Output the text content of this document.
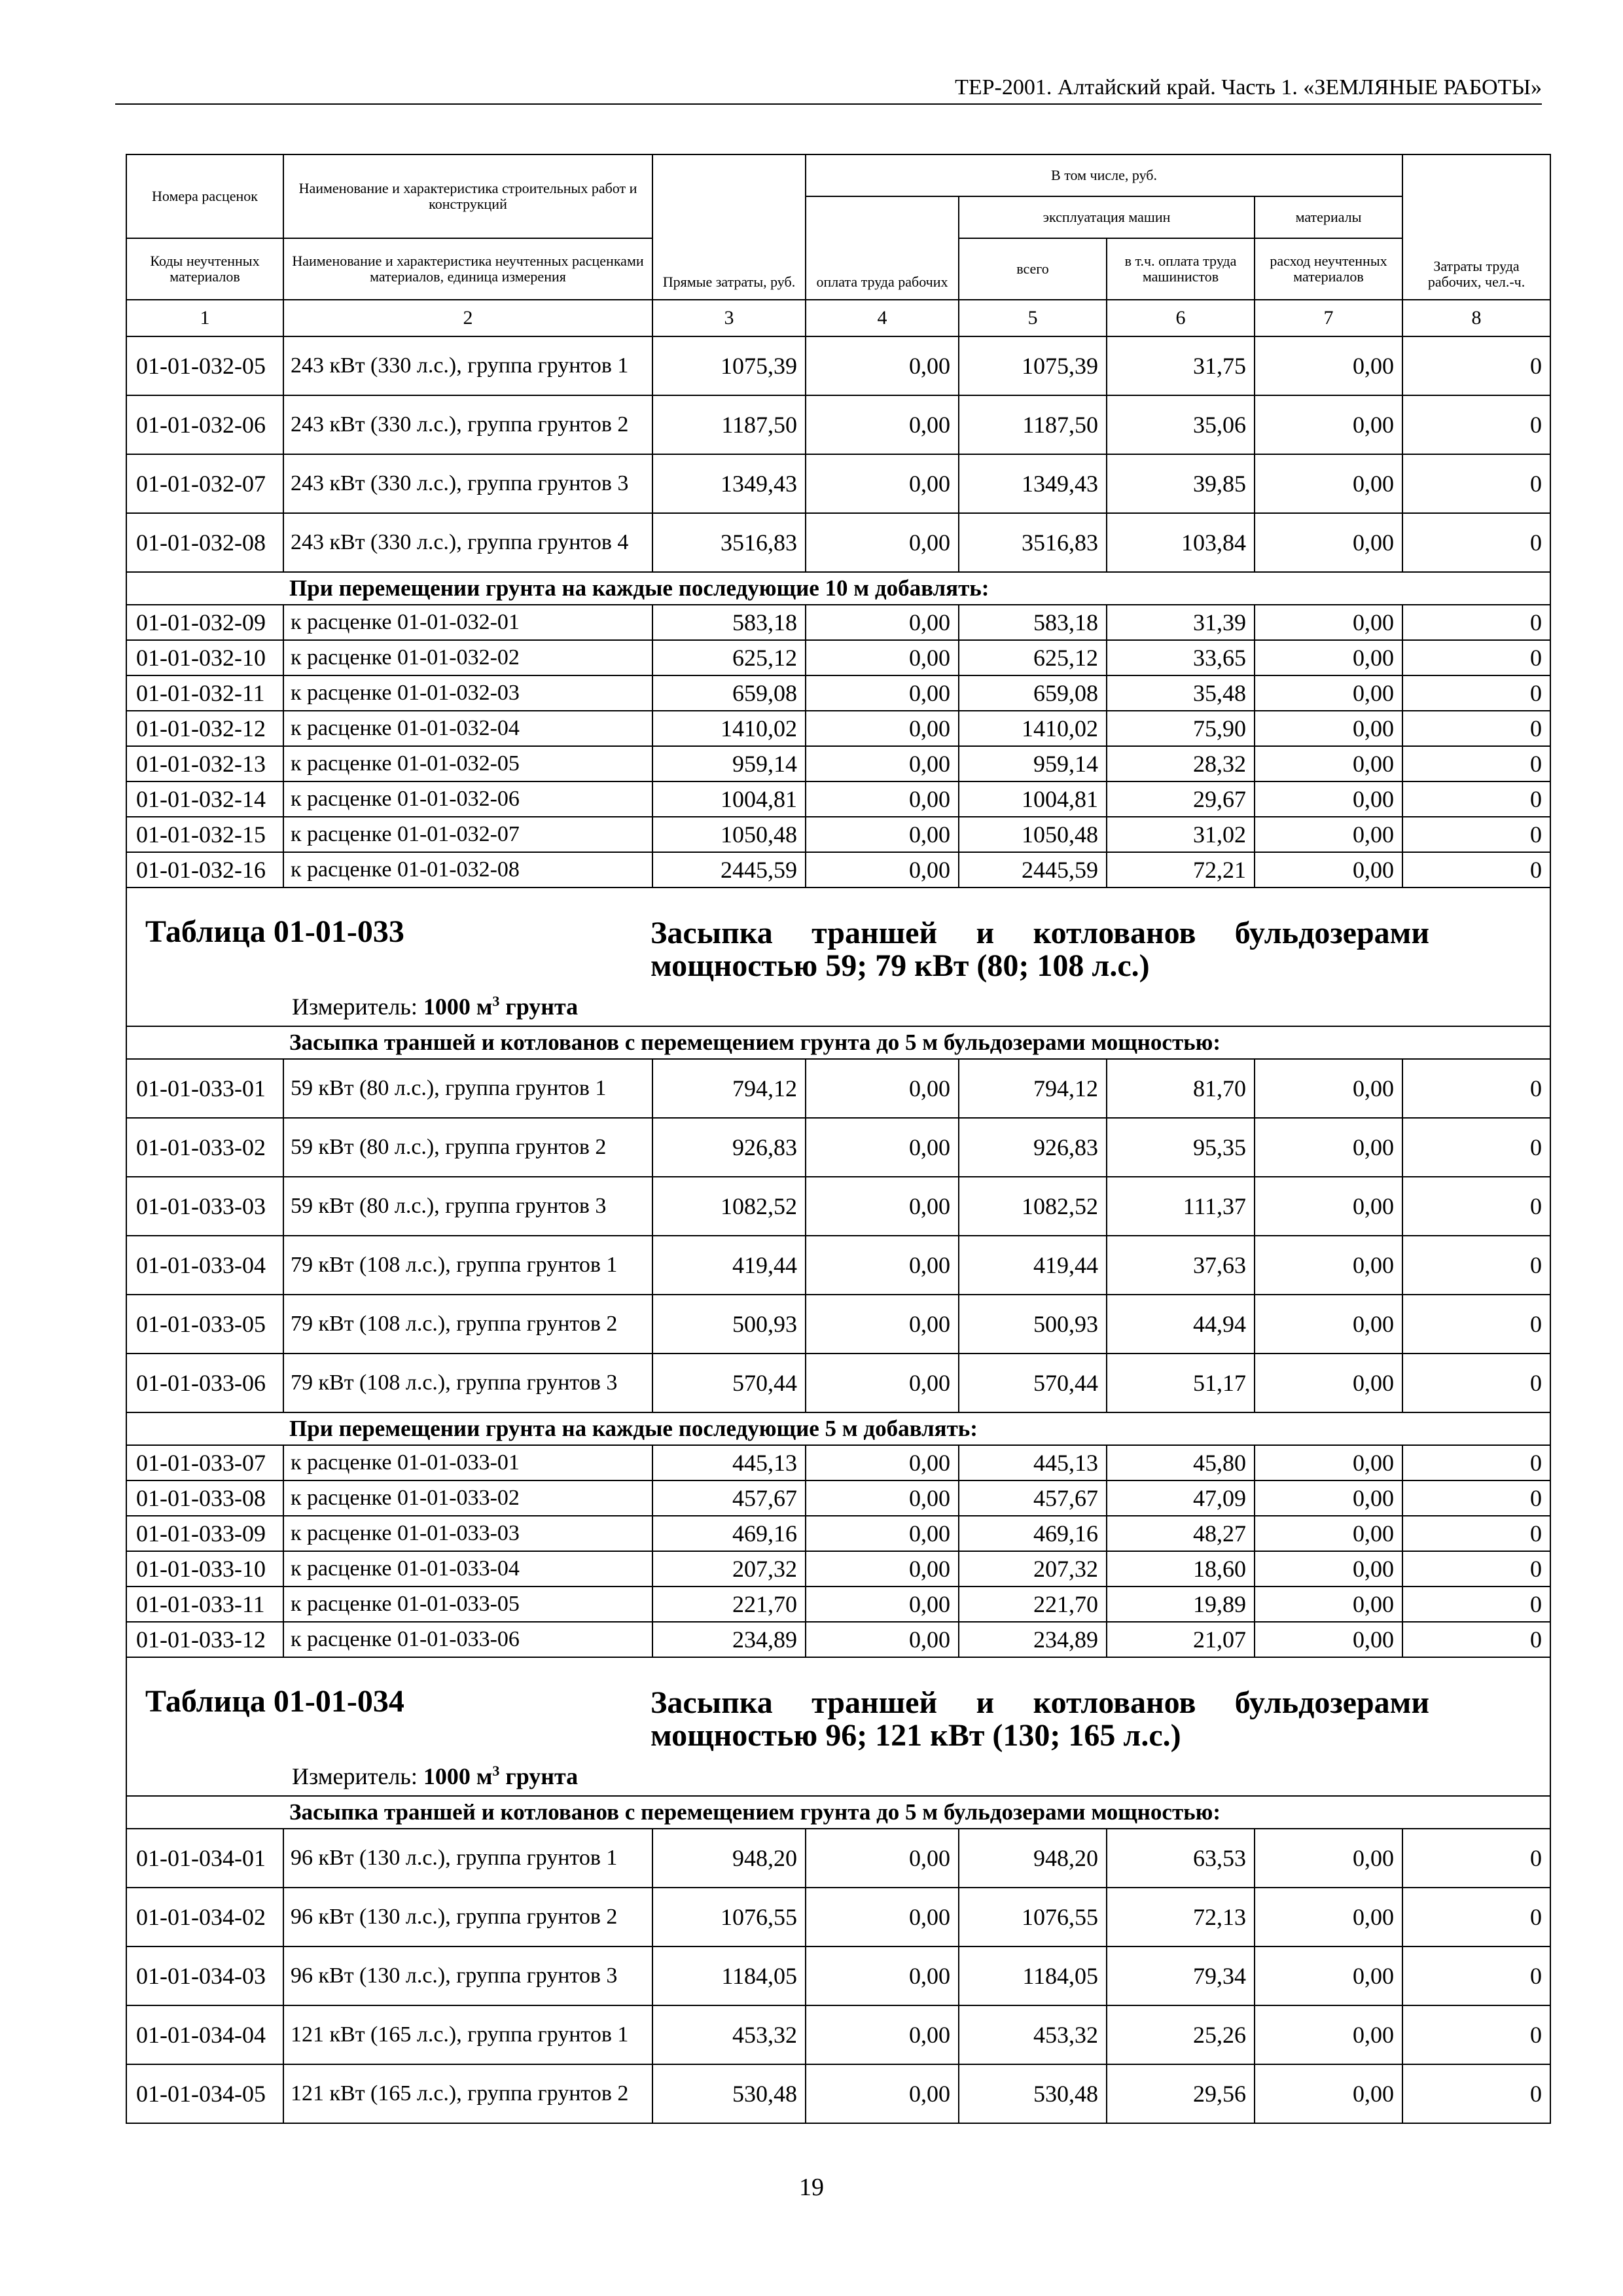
ТЕР-2001. Алтайский край. Часть 1. «ЗЕМЛЯНЫЕ РАБОТЫ»
Номера расценок	Наименование и характеристика строительных работ и конструкций	Прямые затраты, руб.	В том числе, руб.				Затраты труда рабочих, чел.-ч.
			оплата труда рабочих	эксплуатация машин		материалы	
Коды неучтенных материалов	Наименование и характеристика неучтенных расценками материалов, единица измерения			всего	в т.ч. оплата труда машинистов	расход неучтенных материалов	
1	2	3	4	5	6	7	8
01-01-032-05	243 кВт (330 л.с.), группа грунтов 1	1075,39	0,00	1075,39	31,75	0,00	0
01-01-032-06	243 кВт (330 л.с.), группа грунтов 2	1187,50	0,00	1187,50	35,06	0,00	0
01-01-032-07	243 кВт (330 л.с.), группа грунтов 3	1349,43	0,00	1349,43	39,85	0,00	0
01-01-032-08	243 кВт (330 л.с.), группа грунтов 4	3516,83	0,00	3516,83	103,84	0,00	0
При перемещении грунта на каждые последующие 10 м добавлять:							
01-01-032-09	к расценке 01-01-032-01	583,18	0,00	583,18	31,39	0,00	0
01-01-032-10	к расценке 01-01-032-02	625,12	0,00	625,12	33,65	0,00	0
01-01-032-11	к расценке 01-01-032-03	659,08	0,00	659,08	35,48	0,00	0
01-01-032-12	к расценке 01-01-032-04	1410,02	0,00	1410,02	75,90	0,00	0
01-01-032-13	к расценке 01-01-032-05	959,14	0,00	959,14	28,32	0,00	0
01-01-032-14	к расценке 01-01-032-06	1004,81	0,00	1004,81	29,67	0,00	0
01-01-032-15	к расценке 01-01-032-07	1050,48	0,00	1050,48	31,02	0,00	0
01-01-032-16	к расценке 01-01-032-08	2445,59	0,00	2445,59	72,21	0,00	0

Таблица 01-01-033 Засыпка траншей и котлованов бульдозерами мощностью 59; 79 кВт (80; 108 л.с.)
Измеритель: 1000 $м^3$ грунта							

Засыпка траншей и котлованов с перемещением грунта до 5 м бульдозерами мощностью:							
01-01-033-01	59 кВт (80 л.с.), группа грунтов 1	794,12	0,00	794,12	81,70	0,00	0
01-01-033-02	59 кВт (80 л.с.), группа грунтов 2	926,83	0,00	926,83	95,35	0,00	0
01-01-033-03	59 кВт (80 л.с.), группа грунтов 3	1082,52	0,00	1082,52	111,37	0,00	0
01-01-033-04	79 кВт (108 л.с.), группа грунтов 1	419,44	0,00	419,44	37,63	0,00	0
01-01-033-05	79 кВт (108 л.с.), группа грунтов 2	500,93	0,00	500,93	44,94	0,00	0
01-01-033-06	79 кВт (108 л.с.), группа грунтов 3	570,44	0,00	570,44	51,17	0,00	0
При перемещении грунта на каждые последующие 5 м добавлять:							
01-01-033-07	к расценке 01-01-033-01	445,13	0,00	445,13	45,80	0,00	0
01-01-033-08	к расценке 01-01-033-02	457,67	0,00	457,67	47,09	0,00	0
01-01-033-09	к расценке 01-01-033-03	469,16	0,00	469,16	48,27	0,00	0
01-01-033-10	к расценке 01-01-033-04	207,32	0,00	207,32	18,60	0,00	0
01-01-033-11	к расценке 01-01-033-05	221,70	0,00	221,70	19,89	0,00	0
01-01-033-12	к расценке 01-01-033-06	234,89	0,00	234,89	21,07	0,00	0

Таблица 01-01-034 Засыпка траншей и котлованов бульдозерами мощностью 96; 121 кВт (130; 165 л.с.)
Измеритель: 1000 $м^3$ грунта							

Засыпка траншей и котлованов с перемещением грунта до 5 м бульдозерами мощностью:							
01-01-034-01	96 кВт (130 л.с.), группа грунтов 1	948,20	0,00	948,20	63,53	0,00	0
01-01-034-02	96 кВт (130 л.с.), группа грунтов 2	1076,55	0,00	1076,55	72,13	0,00	0
01-01-034-03	96 кВт (130 л.с.), группа грунтов 3	1184,05	0,00	1184,05	79,34	0,00	0
01-01-034-04	121 кВт (165 л.с.), группа грунтов 1	453,32	0,00	453,32	25,26	0,00	0
01-01-034-05	121 кВт (165 л.с.), группа грунтов 2	530,48	0,00	530,48	29,56	0,00	0
19
